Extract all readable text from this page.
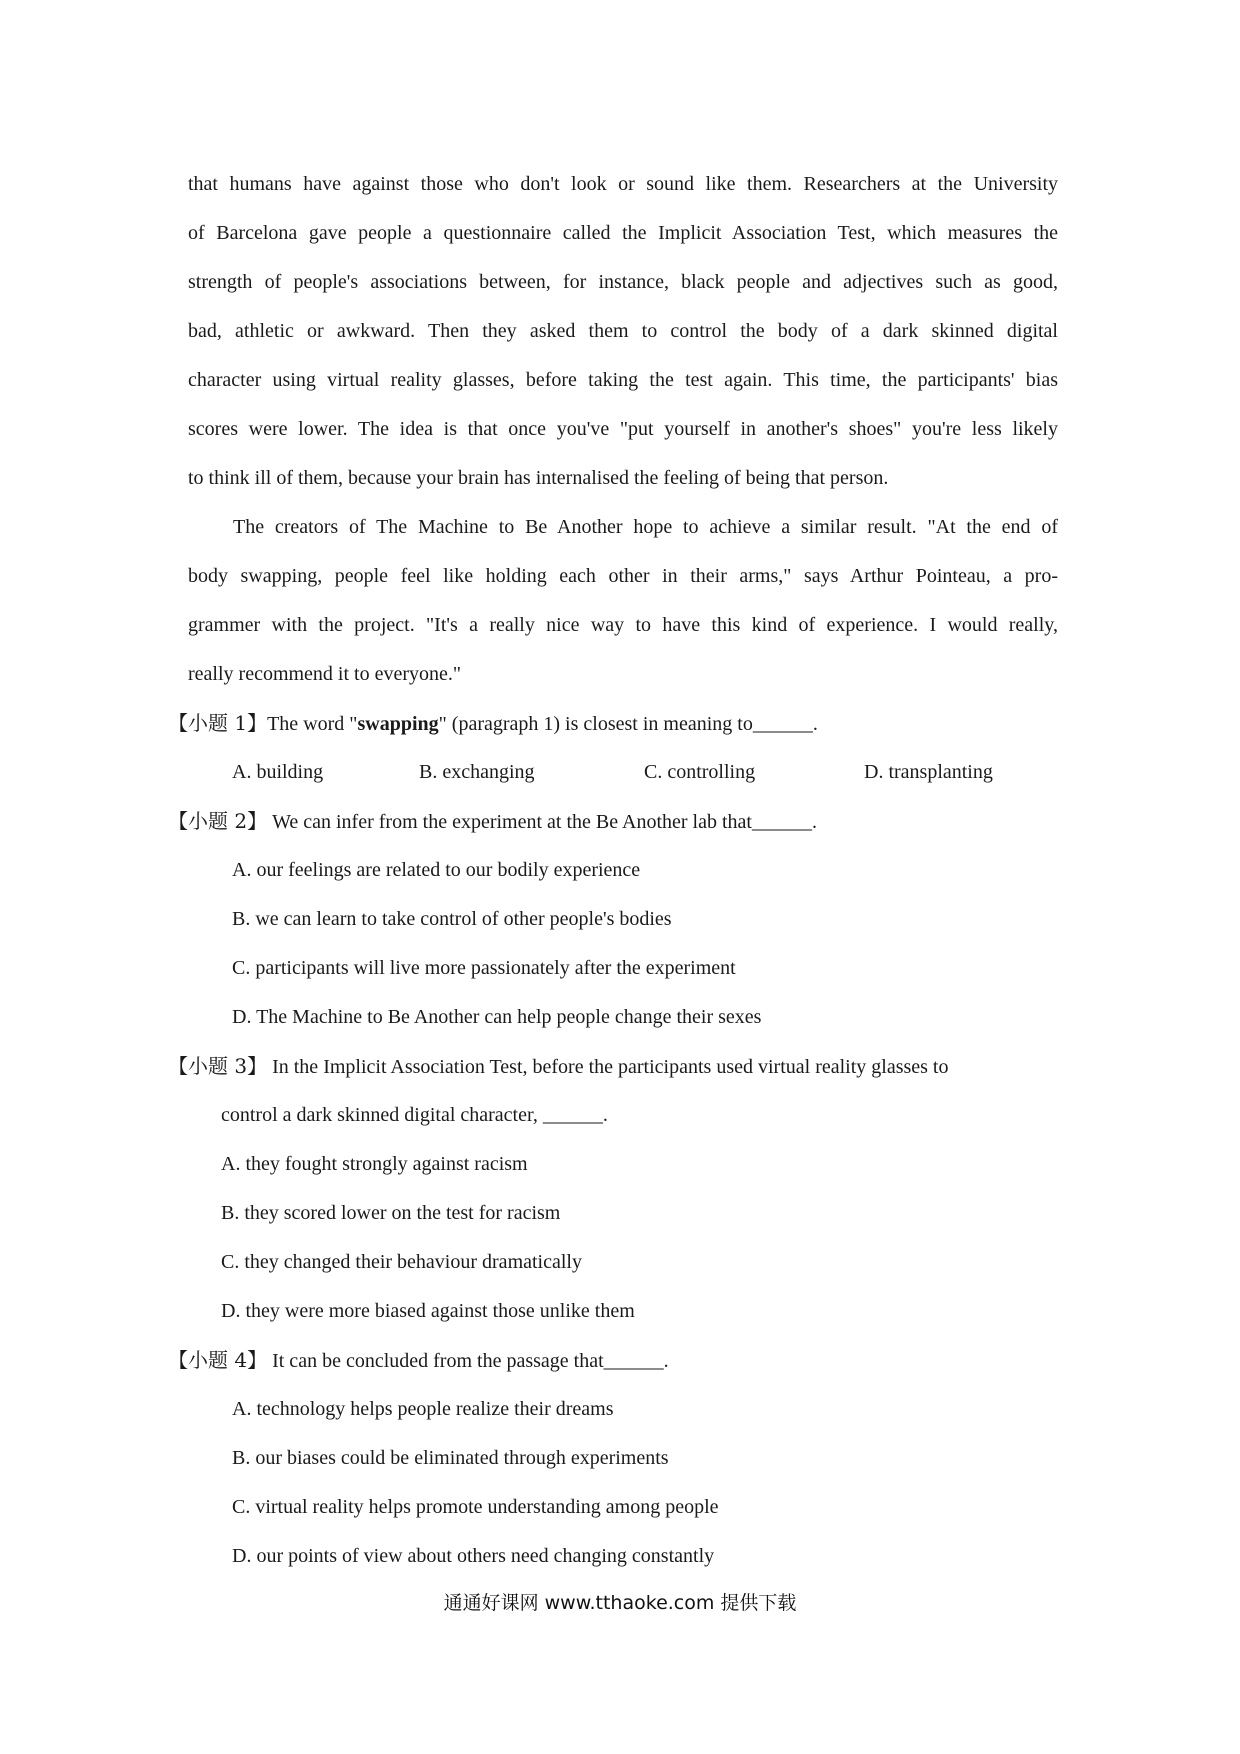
that humans have against those who don't look or sound like them. Researchers at the University
of Barcelona gave people a questionnaire called the Implicit Association Test, which measures the
strength of people's associations between, for instance, black people and adjectives such as good,
bad, athletic or awkward. Then they asked them to control the body of a dark skinned digital
character using virtual reality glasses, before taking the test again. This time, the participants' bias
scores were lower. The idea is that once you've "put yourself in another's shoes" you're less likely
to think ill of them, because your brain has internalised the feeling of being that person.
The creators of The Machine to Be Another hope to achieve a similar result. "At the end of
body swapping, people feel like holding each other in their arms," says Arthur Pointeau, a pro-
grammer with the project. "It's a really nice way to have this kind of experience. I would really,
really recommend it to everyone."
【小题 1】The word "swapping" (paragraph 1) is closest in meaning to______.
A. building	B. exchanging	C. controlling	D. transplanting
【小题 2】 We can infer from the experiment at the Be Another lab that______.
A. our feelings are related to our bodily experience
B. we can learn to take control of other people's bodies
C. participants will live more passionately after the experiment
D. The Machine to Be Another can help people change their sexes
【小题 3】 In the Implicit Association Test, before the participants used virtual reality glasses to
control a dark skinned digital character, ______.
A. they fought strongly against racism
B. they scored lower on the test for racism
C. they changed their behaviour dramatically
D. they were more biased against those unlike them
【小题 4】 It can be concluded from the passage that______.
A. technology helps people realize their dreams
B. our biases could be eliminated through experiments
C. virtual reality helps promote understanding among people
D. our points of view about others need changing constantly
通通好课网 www.tthaoke.com 提供下载
